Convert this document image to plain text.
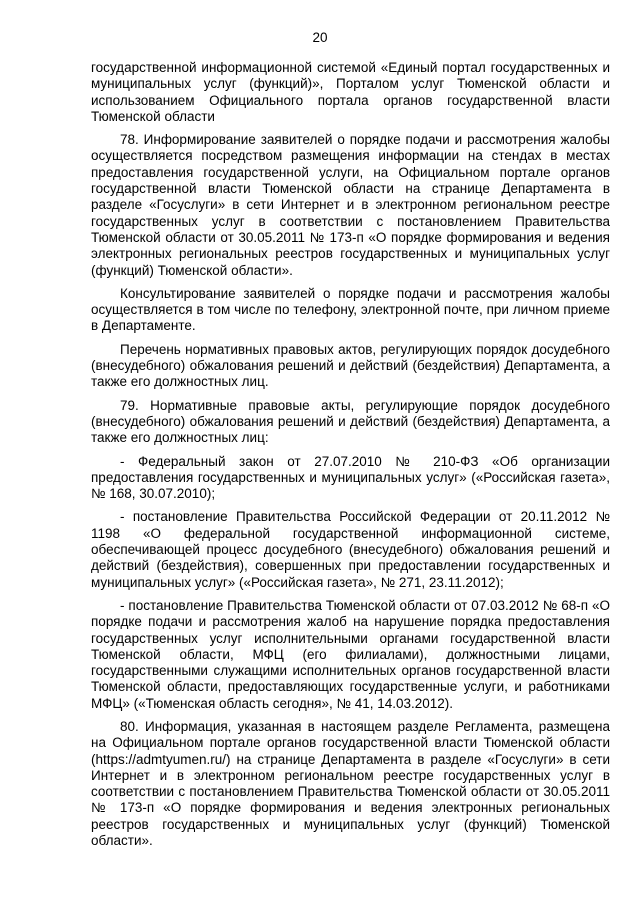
20

государственной информационной системой «Единый портал государственных и муниципальных услуг (функций)», Порталом услуг Тюменской области и использованием Официального портала органов государственной власти Тюменской области

78. Информирование заявителей о порядке подачи и рассмотрения жалобы осуществляется посредством размещения информации на стендах в местах предоставления государственной услуги, на Официальном портале органов государственной власти Тюменской области на странице Департамента в разделе «Госуслуги» в сети Интернет и в электронном региональном реестре государственных услуг в соответствии с постановлением Правительства Тюменской области от 30.05.2011 № 173-п «О порядке формирования и ведения электронных региональных реестров государственных и муниципальных услуг (функций) Тюменской области».

Консультирование заявителей о порядке подачи и рассмотрения жалобы осуществляется в том числе по телефону, электронной почте, при личном приеме в Департаменте.

Перечень нормативных правовых актов, регулирующих порядок досудебного (внесудебного) обжалования решений и действий (бездействия) Департамента, а также его должностных лиц.

79. Нормативные правовые акты, регулирующие порядок досудебного (внесудебного) обжалования решений и действий (бездействия) Департамента, а также его должностных лиц:

- Федеральный закон от 27.07.2010 № 210-ФЗ «Об организации предоставления государственных и муниципальных услуг» («Российская газета», № 168, 30.07.2010);

- постановление Правительства Российской Федерации от 20.11.2012 № 1198 «О федеральной государственной информационной системе, обеспечивающей процесс досудебного (внесудебного) обжалования решений и действий (бездействия), совершенных при предоставлении государственных и муниципальных услуг» («Российская газета», № 271, 23.11.2012);

- постановление Правительства Тюменской области от 07.03.2012 № 68-п «О порядке подачи и рассмотрения жалоб на нарушение порядка предоставления государственных услуг исполнительными органами государственной власти Тюменской области, МФЦ (его филиалами), должностными лицами, государственными служащими исполнительных органов государственной власти Тюменской области, предоставляющих государственные услуги, и работниками МФЦ» («Тюменская область сегодня», № 41, 14.03.2012).

80. Информация, указанная в настоящем разделе Регламента, размещена на Официальном портале органов государственной власти Тюменской области (https://admtyumen.ru/) на странице Департамента в разделе «Госуслуги» в сети Интернет и в электронном региональном реестре государственных услуг в соответствии с постановлением Правительства Тюменской области от 30.05.2011 № 173-п «О порядке формирования и ведения электронных региональных реестров государственных и муниципальных услуг (функций) Тюменской области».
